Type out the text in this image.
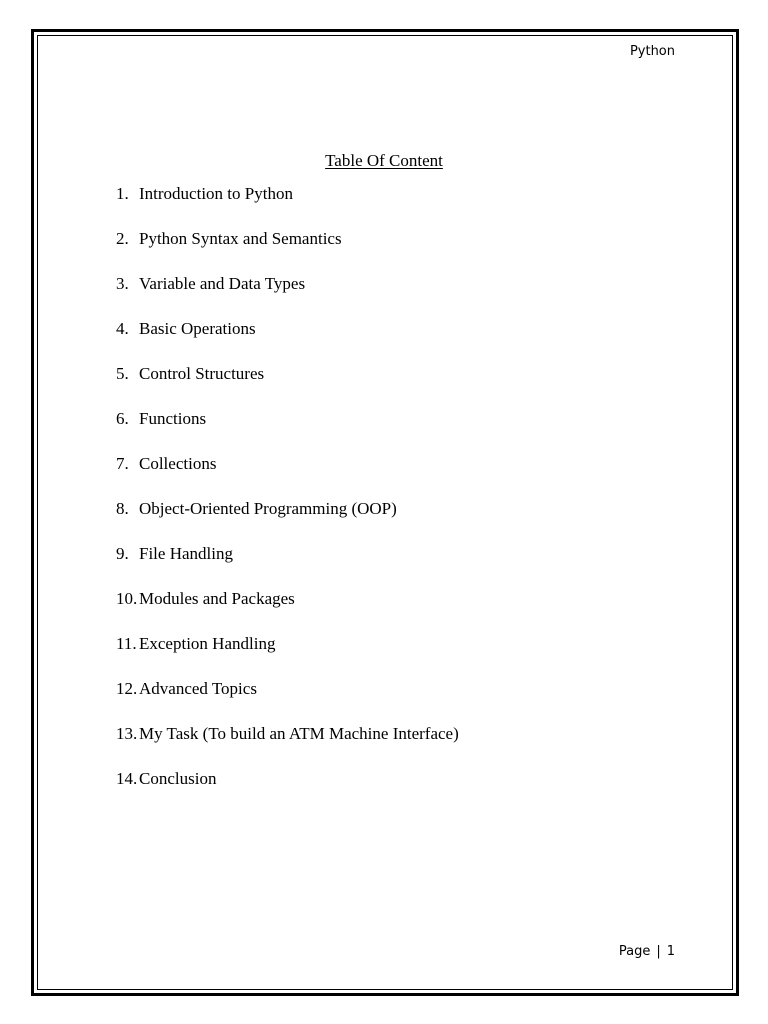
Python
Table Of Content
1. Introduction to Python
2. Python Syntax and Semantics
3. Variable and Data Types
4. Basic Operations
5. Control Structures
6. Functions
7. Collections
8. Object-Oriented Programming (OOP)
9. File Handling
10. Modules and Packages
11. Exception Handling
12. Advanced Topics
13. My Task (To build an ATM Machine Interface)
14. Conclusion
Page | 1
